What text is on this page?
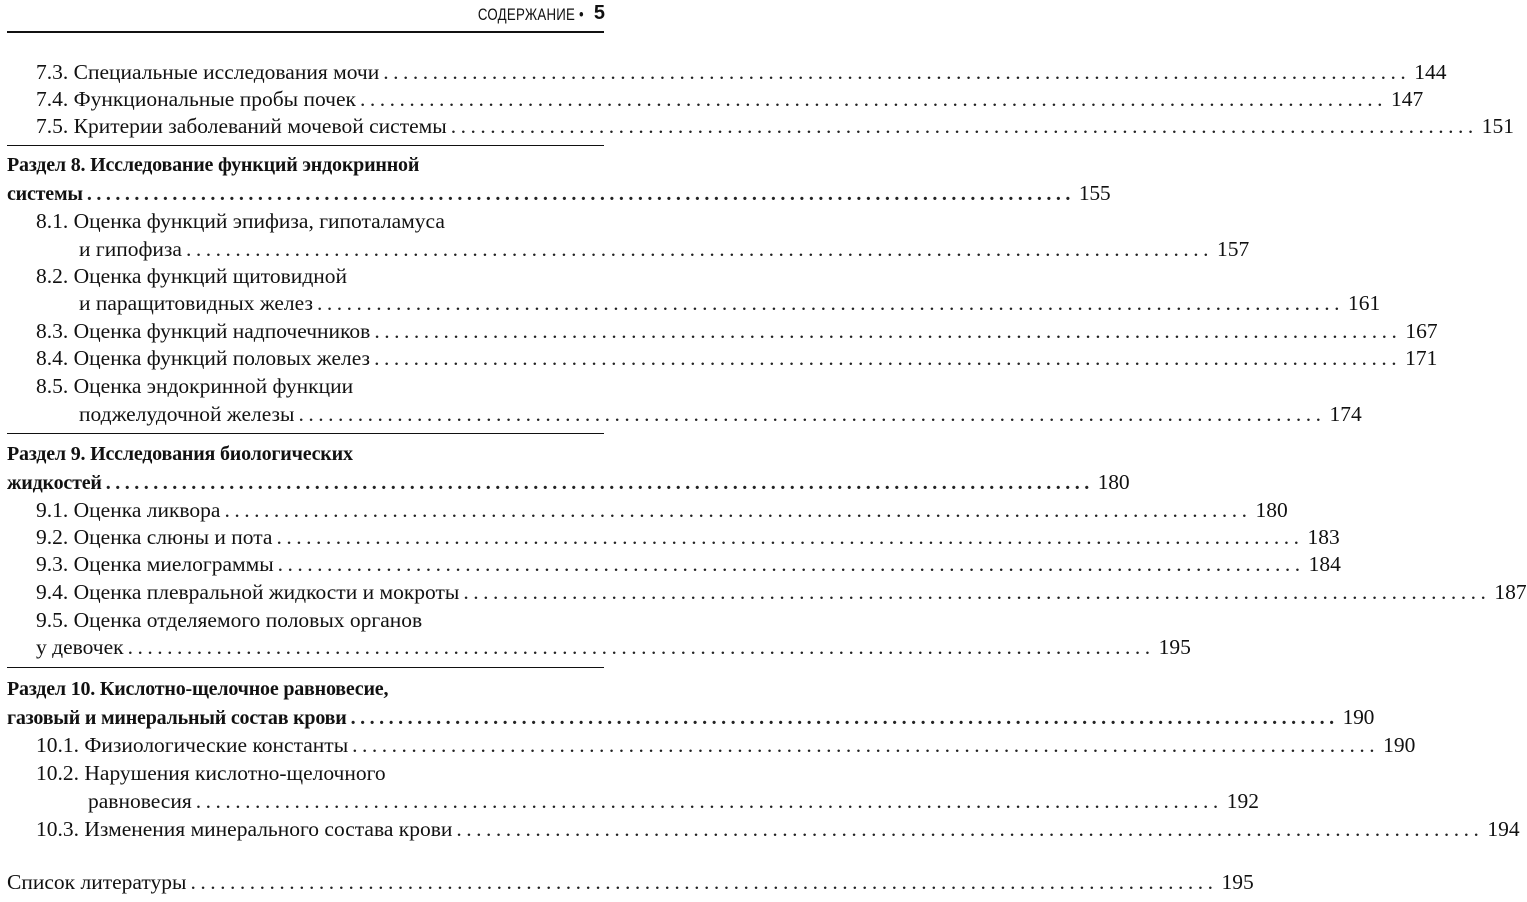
СОДЕРЖАНИЕ • 5
7.3. Специальные исследования мочи ........................................................................................................ 144
7.4. Функциональные пробы почек ........................................................................................................ 147
7.5. Критерии заболеваний мочевой системы ........................................................................................................ 151
Раздел 8. Исследование функций эндокринной
системы ........................................................................................................ 155
8.1. Оценка функций эпифиза, гипоталамуса
и гипофиза ........................................................................................................ 157
8.2. Оценка функций щитовидной
и паращитовидных желез ........................................................................................................ 161
8.3. Оценка функций надпочечников ........................................................................................................ 167
8.4. Оценка функций половых желез ........................................................................................................ 171
8.5. Оценка эндокринной функции
поджелудочной железы ........................................................................................................ 174
Раздел 9. Исследования биологических
жидкостей ........................................................................................................ 180
9.1. Оценка ликвора ........................................................................................................ 180
9.2. Оценка слюны и пота ........................................................................................................ 183
9.3. Оценка миелограммы ........................................................................................................ 184
9.4. Оценка плевральной жидкости и мокроты ........................................................................................................ 187
9.5. Оценка отделяемого половых органов
у девочек ........................................................................................................ 195
Раздел 10. Кислотно-щелочное равновесие,
газовый и минеральный состав крови ........................................................................................................ 190
10.1. Физиологические константы ........................................................................................................ 190
10.2. Нарушения кислотно-щелочного
равновесия ........................................................................................................ 192
10.3. Изменения минерального состава крови ........................................................................................................ 194
Список литературы ........................................................................................................ 195
